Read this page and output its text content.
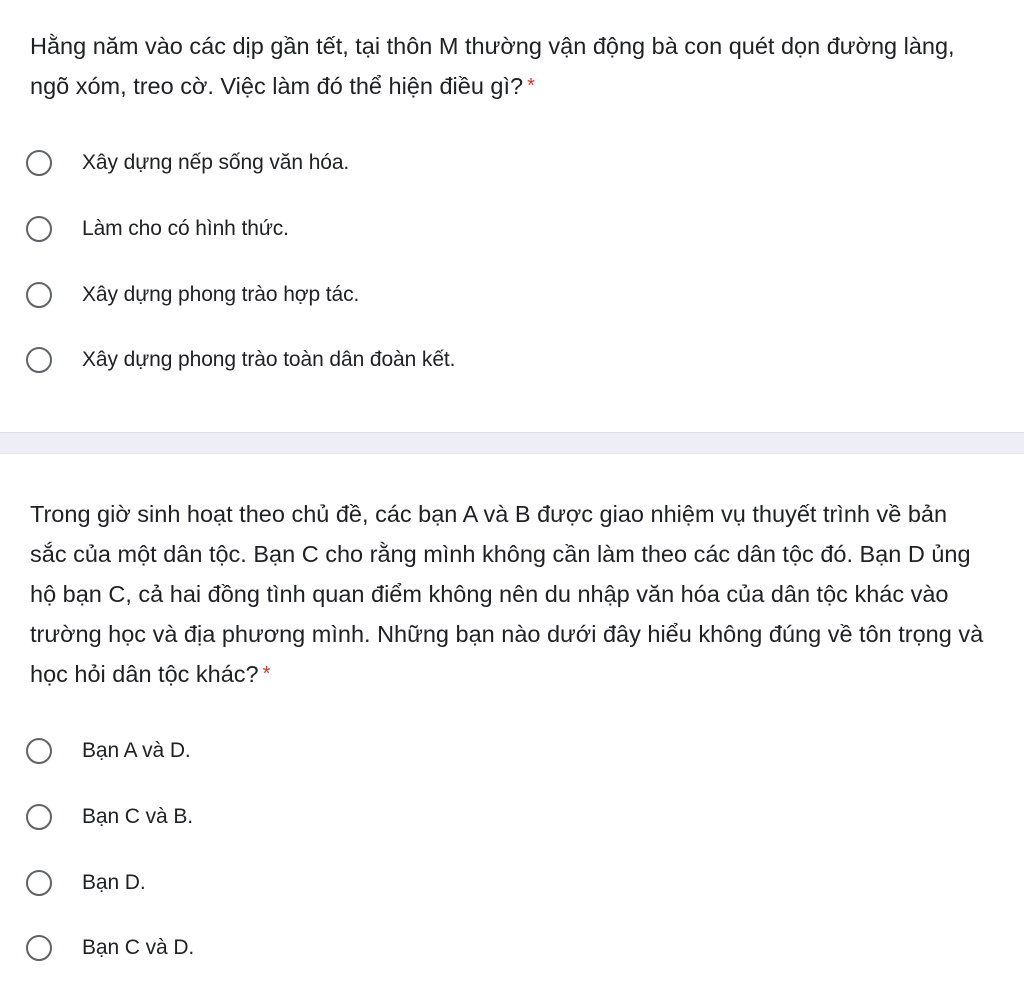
Hằng năm vào các dịp gần tết, tại thôn M thường vận động bà con quét dọn đường làng, ngõ xóm, treo cờ. Việc làm đó thể hiện điều gì? *
Xây dựng nếp sống văn hóa.
Làm cho có hình thức.
Xây dựng phong trào hợp tác.
Xây dựng phong trào toàn dân đoàn kết.
Trong giờ sinh hoạt theo chủ đề, các bạn A và B được giao nhiệm vụ thuyết trình về bản sắc của một dân tộc. Bạn C cho rằng mình không cần làm theo các dân tộc đó. Bạn D ủng hộ bạn C, cả hai đồng tình quan điểm không nên du nhập văn hóa của dân tộc khác vào trường học và địa phương mình. Những bạn nào dưới đây hiểu không đúng về tôn trọng và học hỏi dân tộc khác? *
Bạn A và D.
Bạn C và B.
Bạn D.
Bạn C và D.
